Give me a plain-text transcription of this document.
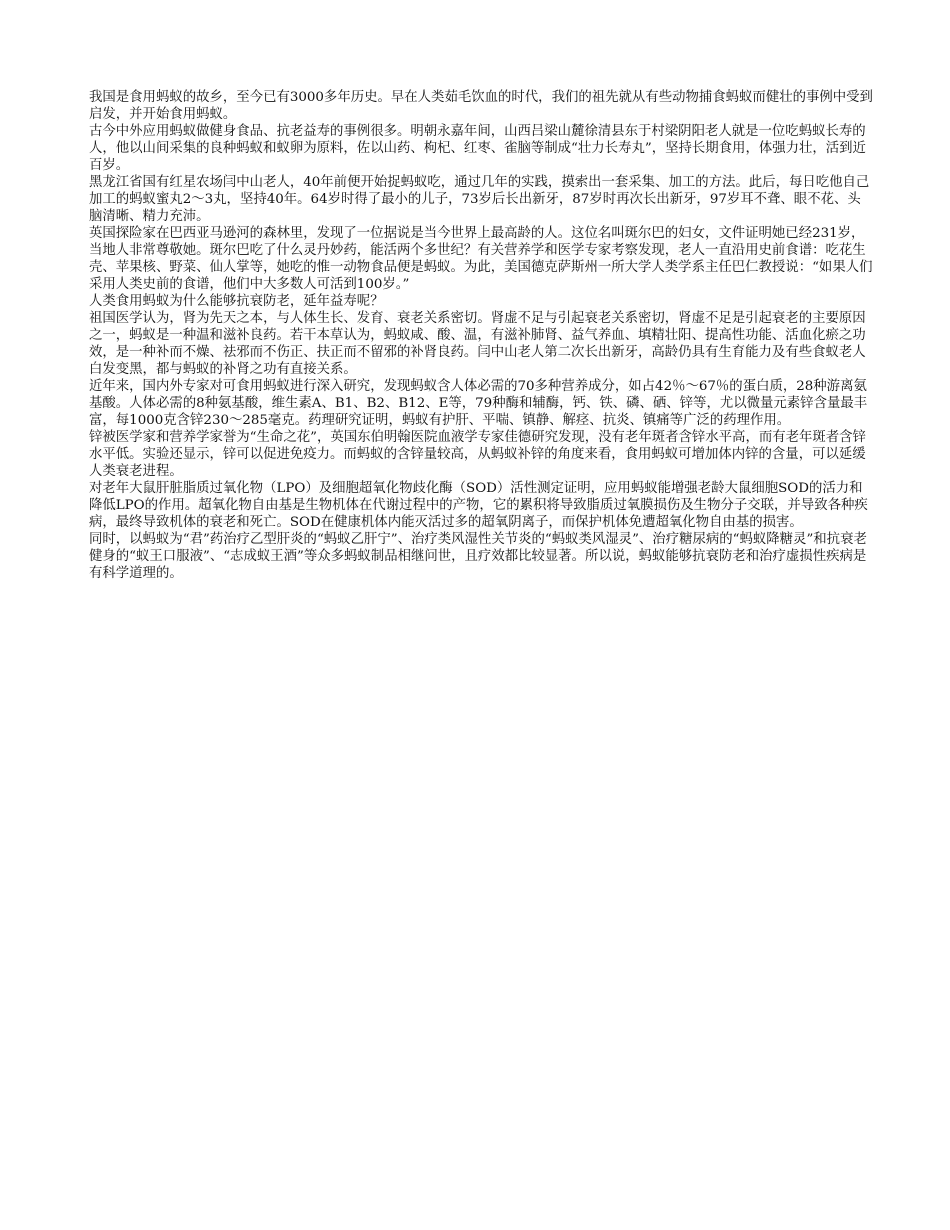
我国是食用蚂蚁的故乡，至今已有3000多年历史。早在人类茹毛饮血的时代，我们的祖先就从有些动物捕食蚂蚁而健壮的事例中受到启发，并开始食用蚂蚁。

古今中外应用蚂蚁做健身食品、抗老益寿的事例很多。明朝永嘉年间，山西吕梁山麓徐清县东于村梁阴阳老人就是一位吃蚂蚁长寿的人，他以山间采集的良种蚂蚁和蚁卵为原料，佐以山药、枸杞、红枣、雀脑等制成“壮力长寿丸”，坚持长期食用，体强力壮，活到近百岁。

黑龙江省国有红星农场闫中山老人，40年前便开始捉蚂蚁吃，通过几年的实践，摸索出一套采集、加工的方法。此后，每日吃他自己加工的蚂蚁蜜丸2～3丸，坚持40年。64岁时得了最小的儿子，73岁后长出新牙，87岁时再次长出新牙，97岁耳不聋、眼不花、头脑清晰、精力充沛。

英国探险家在巴西亚马逊河的森林里，发现了一位据说是当今世界上最高龄的人。这位名叫斑尔巴的妇女，文件证明她已经231岁，当地人非常尊敬她。斑尔巴吃了什么灵丹妙药，能活两个多世纪？有关营养学和医学专家考察发现，老人一直沿用史前食谱：吃花生壳、苹果核、野菜、仙人掌等，她吃的惟一动物食品便是蚂蚁。为此，美国德克萨斯州一所大学人类学系主任巴仁教授说：“如果人们采用人类史前的食谱，他们中大多数人可活到100岁。”

人类食用蚂蚁为什么能够抗衰防老，延年益寿呢？

祖国医学认为，肾为先天之本，与人体生长、发育、衰老关系密切。肾虚不足与引起衰老关系密切，肾虚不足是引起衰老的主要原因之一，蚂蚁是一种温和滋补良药。若干本草认为，蚂蚁咸、酸、温，有滋补肺肾、益气养血、填精壮阳、提高性功能、活血化瘀之功效，是一种补而不燥、祛邪而不伤正、扶正而不留邪的补肾良药。闫中山老人第二次长出新牙，高龄仍具有生育能力及有些食蚁老人白发变黑，都与蚂蚁的补肾之功有直接关系。

近年来，国内外专家对可食用蚂蚁进行深入研究，发现蚂蚁含人体必需的70多种营养成分，如占42％～67％的蛋白质，28种游离氨基酸。人体必需的8种氨基酸，维生素A、B1、B2、B12、E等，79种酶和辅酶，钙、铁、磷、硒、锌等，尤以微量元素锌含量最丰富，每1000克含锌230～285毫克。药理研究证明，蚂蚁有护肝、平喘、镇静、解痉、抗炎、镇痛等广泛的药理作用。

锌被医学家和营养学家誉为“生命之花”，英国东伯明翰医院血液学专家佳德研究发现，没有老年斑者含锌水平高，而有老年斑者含锌水平低。实验还显示，锌可以促进免疫力。而蚂蚁的含锌量较高，从蚂蚁补锌的角度来看，食用蚂蚁可增加体内锌的含量，可以延缓人类衰老进程。

对老年大鼠肝脏脂质过氧化物（LPO）及细胞超氧化物歧化酶（SOD）活性测定证明，应用蚂蚁能增强老龄大鼠细胞SOD的活力和降低LPO的作用。超氧化物自由基是生物机体在代谢过程中的产物，它的累积将导致脂质过氧膜损伤及生物分子交联，并导致各种疾病，最终导致机体的衰老和死亡。SOD在健康机体内能灭活过多的超氧阴离子，而保护机体免遭超氧化物自由基的损害。

同时，以蚂蚁为“君”药治疗乙型肝炎的“蚂蚁乙肝宁”、治疗类风湿性关节炎的“蚂蚁类风湿灵”、治疗糖尿病的“蚂蚁降糖灵”和抗衰老健身的“蚁王口服液”、“志成蚁王酒”等众多蚂蚁制品相继问世，且疗效都比较显著。所以说，蚂蚁能够抗衰防老和治疗虚损性疾病是有科学道理的。
